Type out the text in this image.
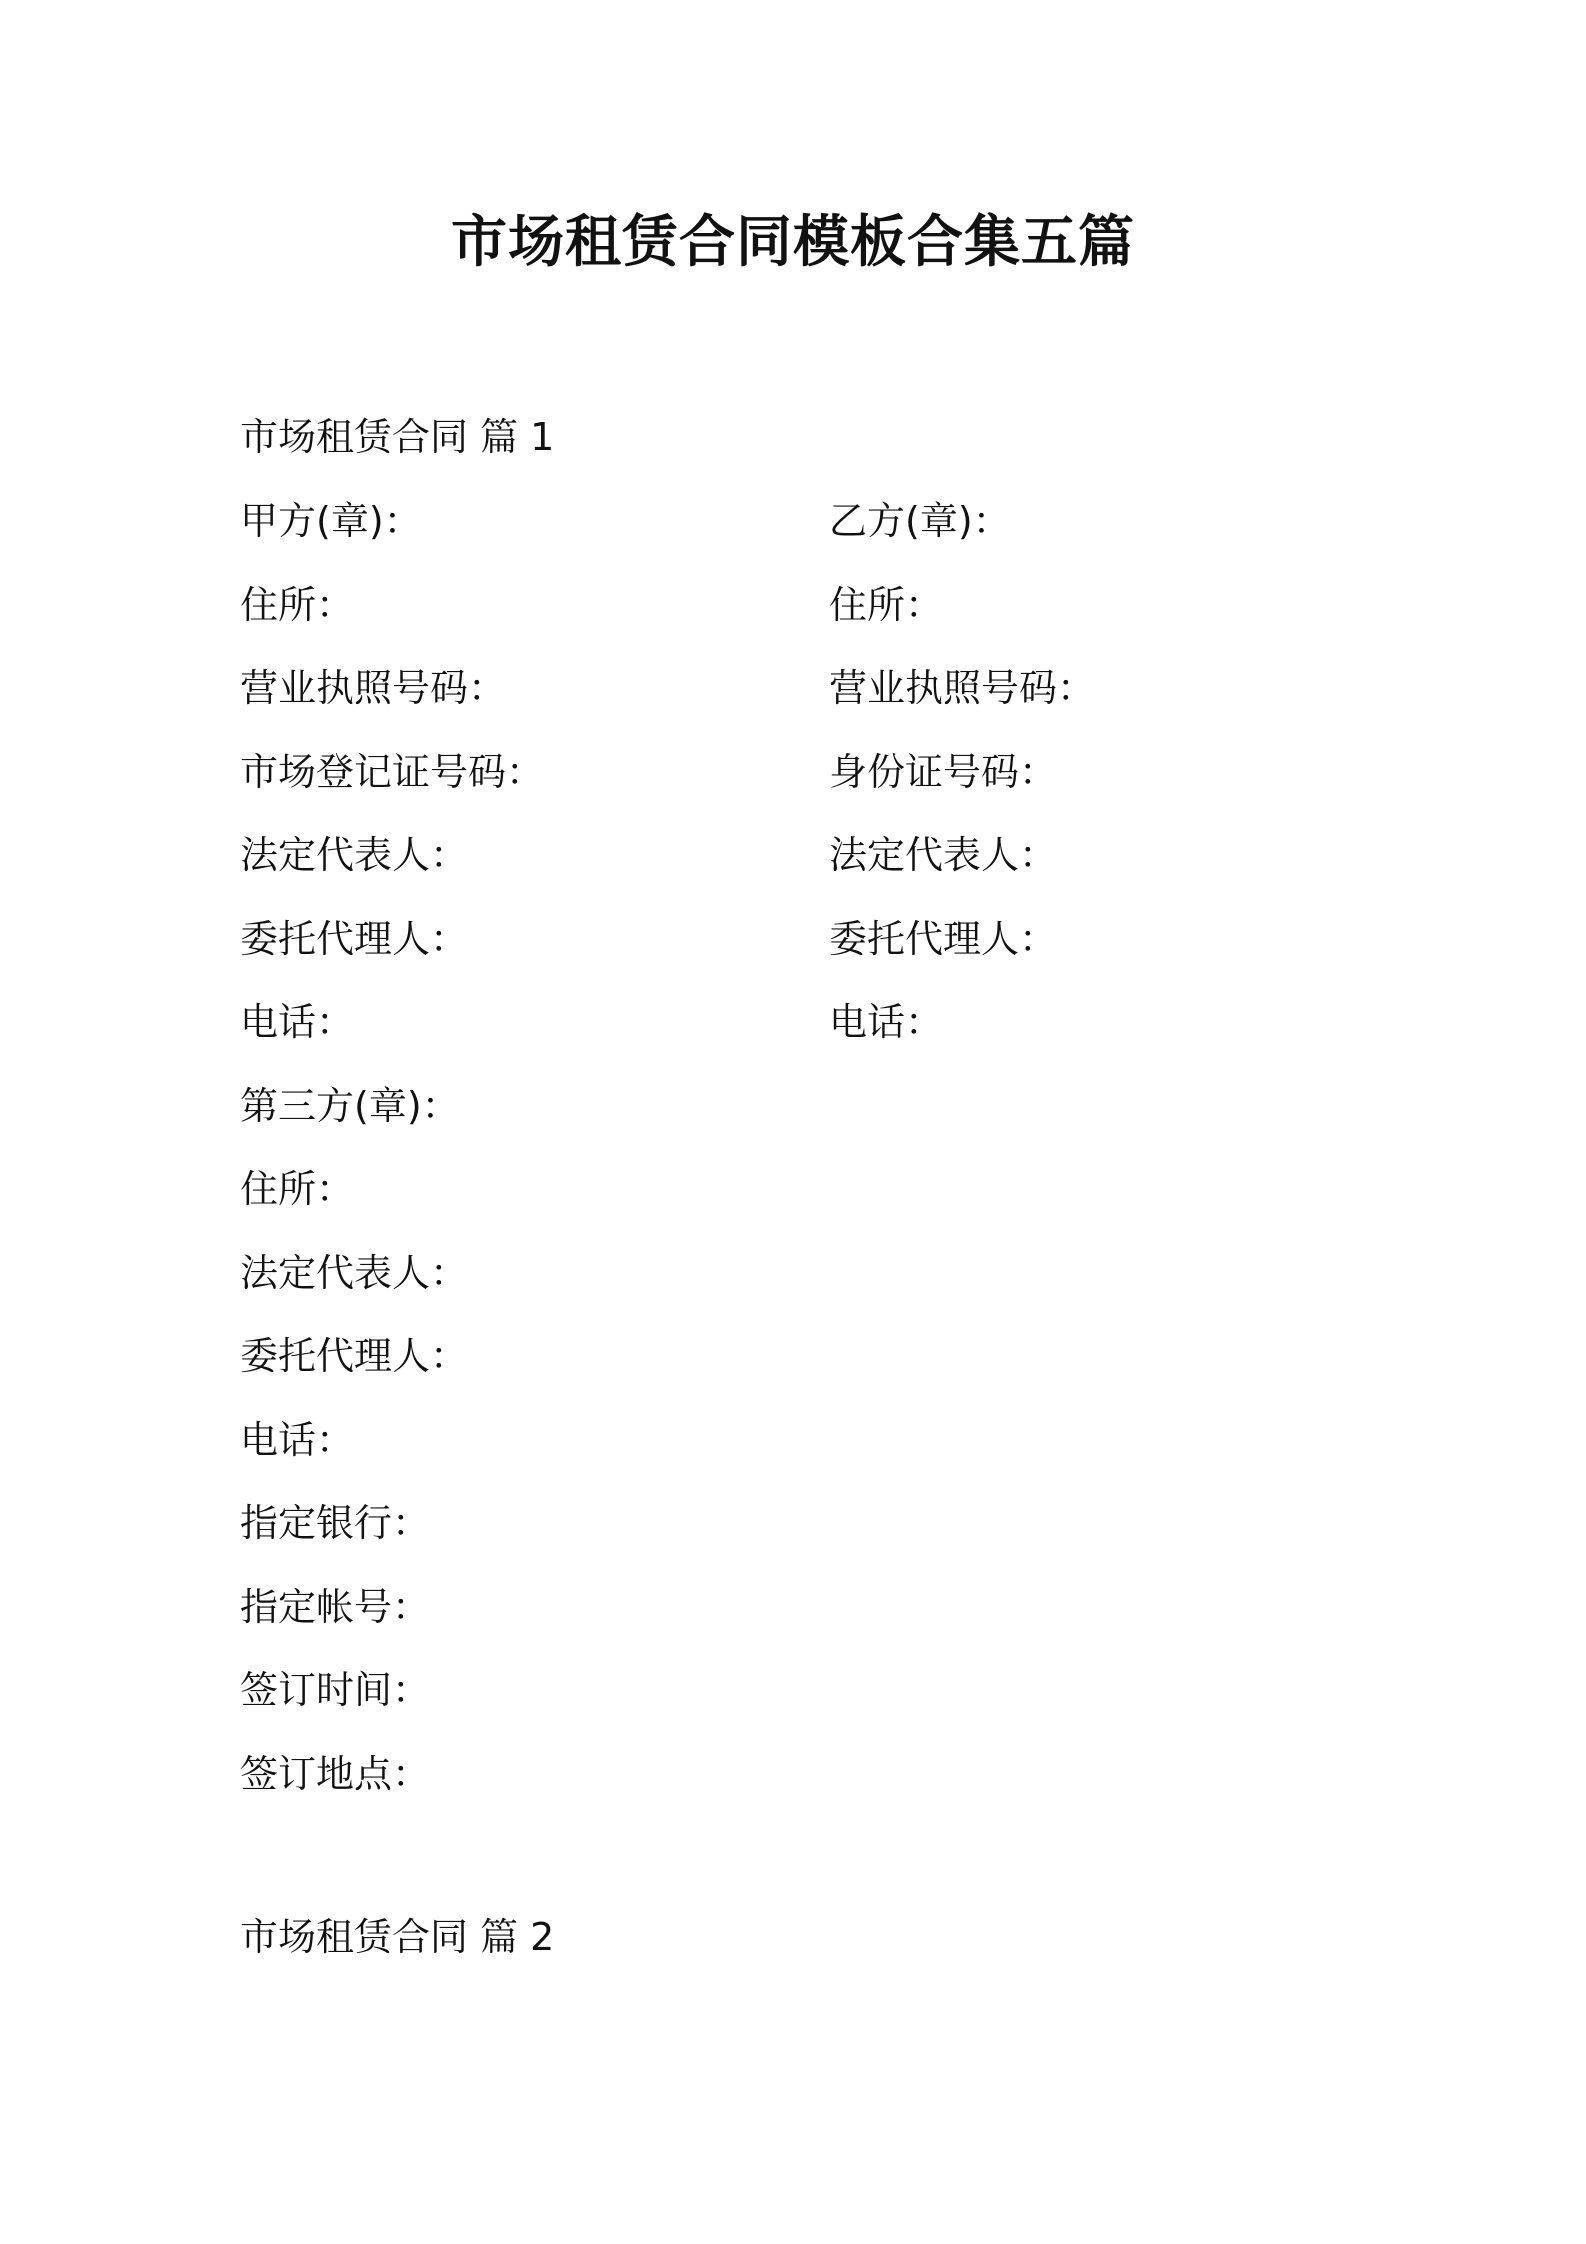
市场租赁合同模板合集五篇
市场租赁合同 篇 1
甲方(章)：
住所：
营业执照号码：
市场登记证号码：
法定代表人：
委托代理人：
电话：
乙方(章)：
住所：
营业执照号码：
身份证号码：
法定代表人：
委托代理人：
电话：
第三方(章)：
住所：
法定代表人：
委托代理人：
电话：
指定银行：
指定帐号：
签订时间：
签订地点：
市场租赁合同 篇 2
